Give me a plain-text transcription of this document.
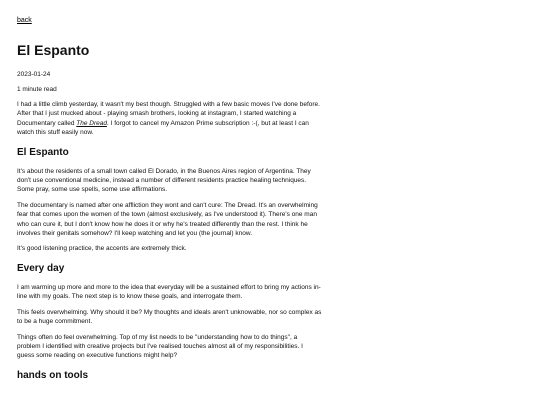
back
El Espanto
2023-01-24
1 minute read

I had a little climb yesterday, it wasn't my best though. Struggled with a few basic moves I've done before. After that I just mucked about - playing smash brothers, looking at instagram, I started watching a Documentary called The Dread. I forgot to cancel my Amazon Prime subscription :-(, but at least I can watch this stuff easily now.

El Espanto

It's about the residents of a small town called El Dorado, in the Buenos Aires region of Argentina. They don't use conventional medicine, instead a number of different residents practice healing techniques. Some pray, some use spells, some use affirmations.

The documentary is named after one affliction they wont and can't cure: The Dread. It's an overwhelming fear that comes upon the women of the town (almost exclusively, as I've understood it). There's one man who can cure it, but I don't know how he does it or why he's treated differently than the rest. I think he involves their genitals somehow? I'll keep watching and let you (the journal) know.

It's good listening practice, the accents are extremely thick.

Every day

I am warming up more and more to the idea that everyday will be a sustained effort to bring my actions in-line with my goals. The next step is to know these goals, and interrogate them.

This feels overwhelming. Why should it be? My thoughts and ideals aren't unknowable, nor so complex as to be a huge commitment.

Things often do feel overwhelming. Top of my list needs to be "understanding how to do things", a problem I identified with creative projects but I've realised touches almost all of my responsibilities. I guess some reading on executive functions might help?

hands on tools
